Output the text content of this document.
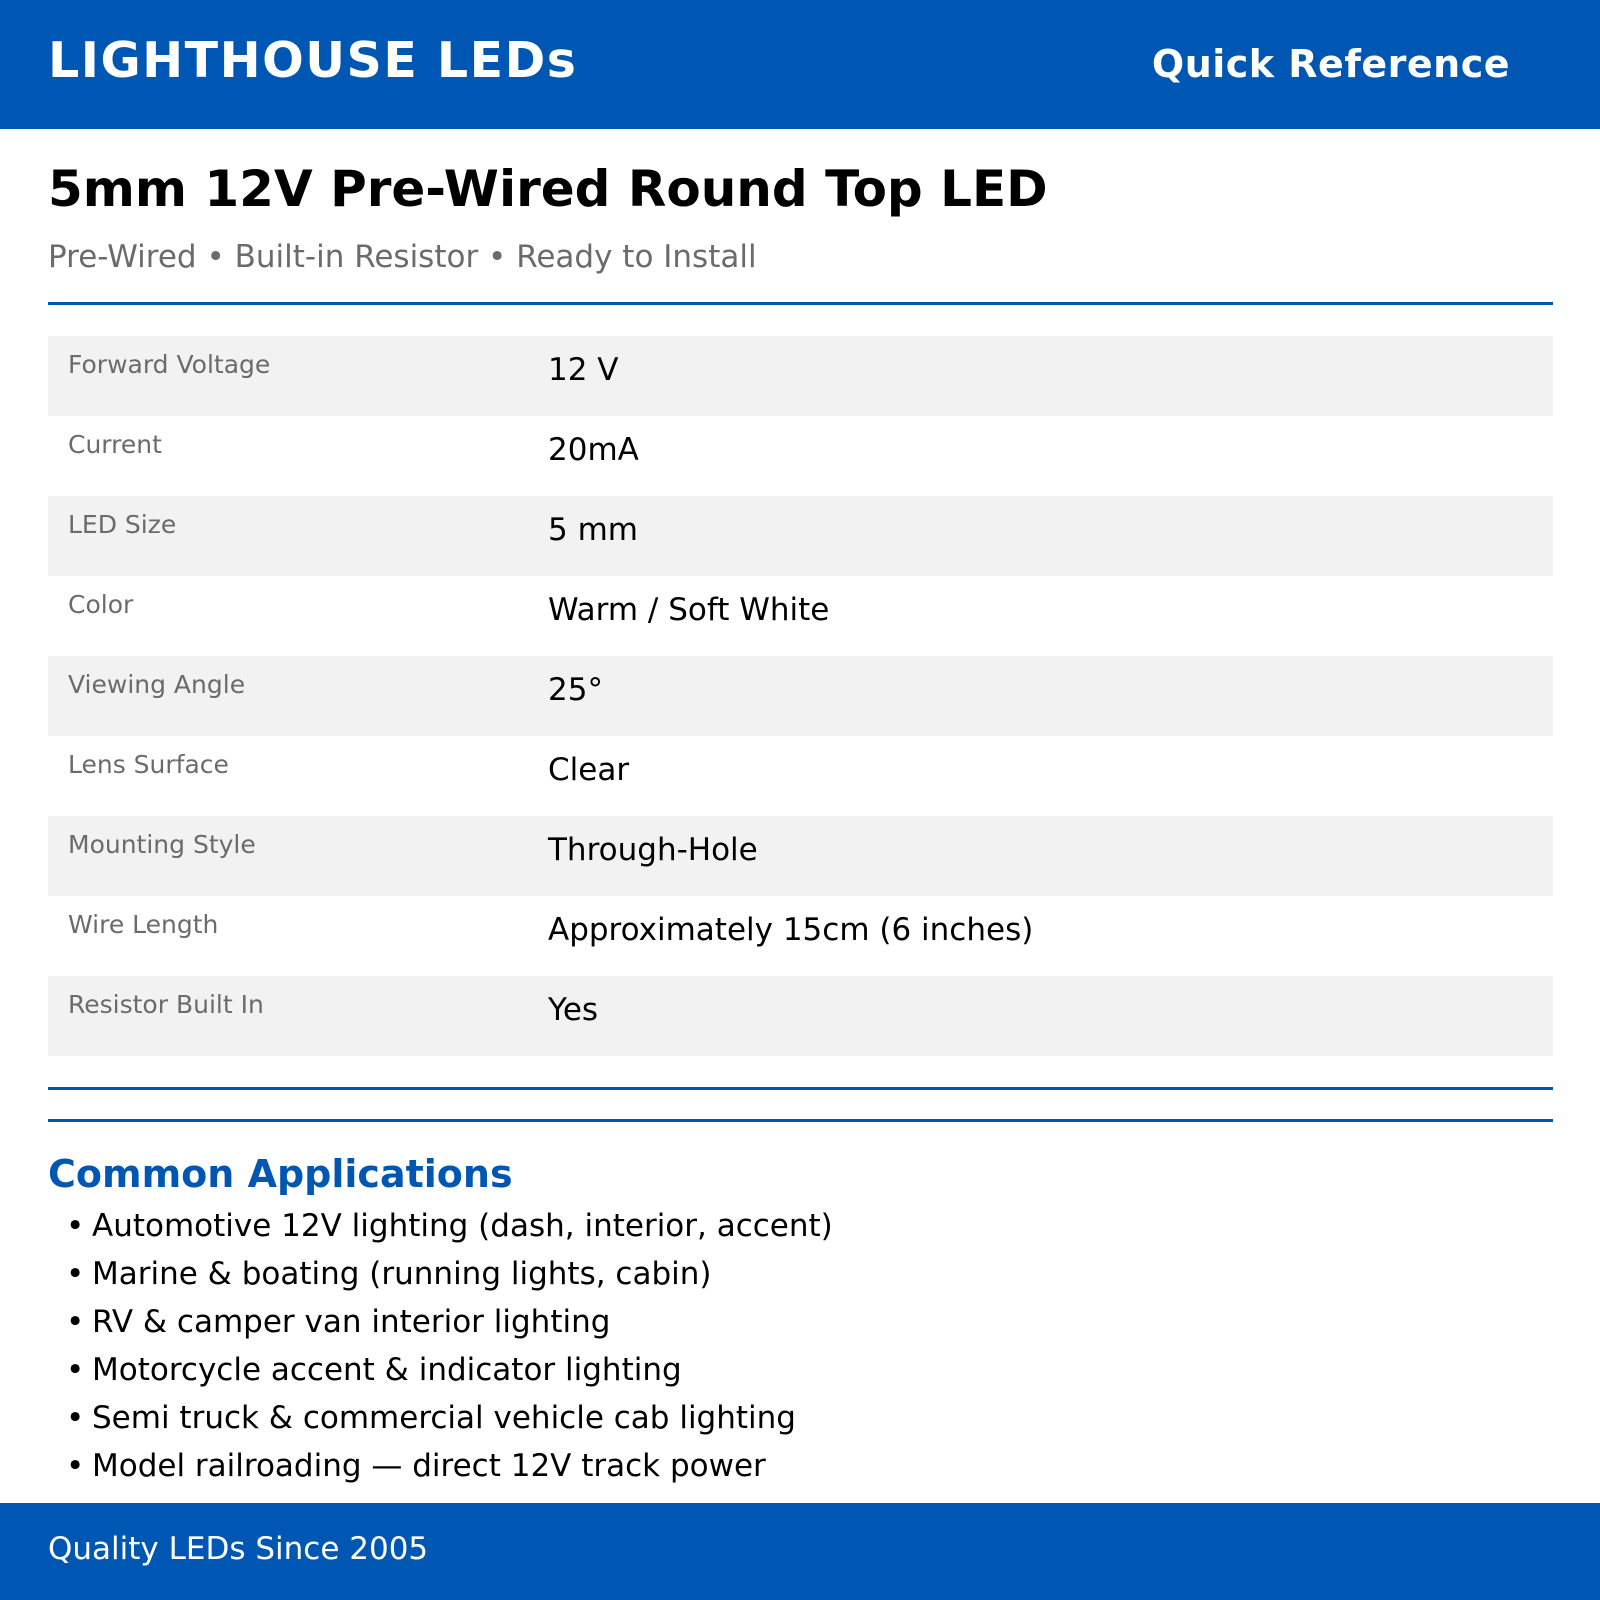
LIGHTHOUSE LEDs	Quick Reference
5mm 12V Pre-Wired Round Top LED
Pre-Wired • Built-in Resistor • Ready to Install
Forward Voltage	12 V
Current	20mA
LED Size	5 mm
Color	Warm / Soft White
Viewing Angle	25°
Lens Surface	Clear
Mounting Style	Through-Hole
Wire Length	Approximately 15cm (6 inches)
Resistor Built In	Yes
Common Applications
• Automotive 12V lighting (dash, interior, accent)
• Marine & boating (running lights, cabin)
• RV & camper van interior lighting
• Motorcycle accent & indicator lighting
• Semi truck & commercial vehicle cab lighting
• Model railroading — direct 12V track power
Quality LEDs Since 2005
